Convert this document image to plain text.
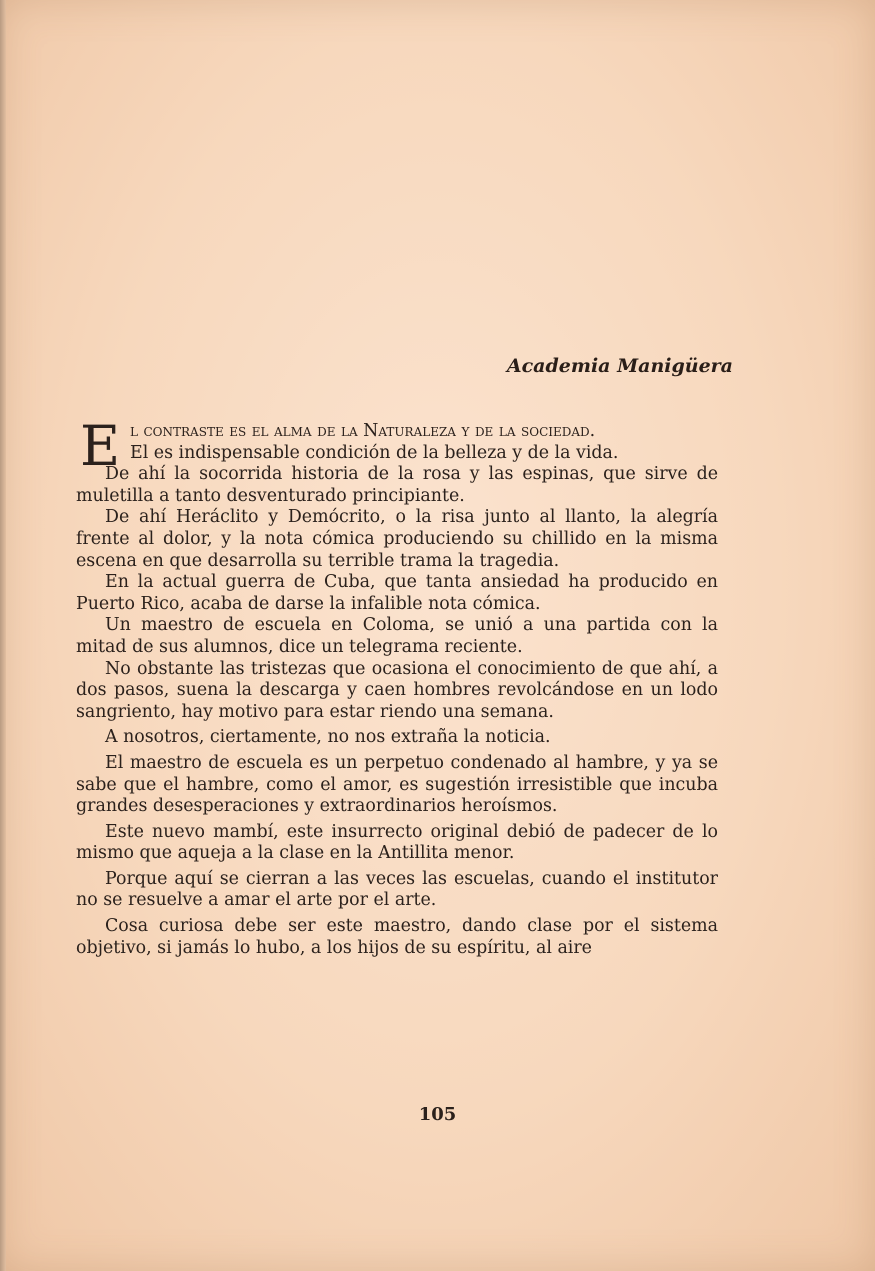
Academia Manigüera
E l contraste es el alma de la Naturaleza y de la sociedad.

El es indispensable condición de la belleza y de la vida.

De ahí la socorrida historia de la rosa y las espinas, que sirve de muletilla a tanto desventurado principiante.

De ahí Heráclito y Demócrito, o la risa junto al llanto, la alegría frente al dolor, y la nota cómica produciendo su chillido en la misma escena en que desarrolla su terrible trama la tragedia.

En la actual guerra de Cuba, que tanta ansiedad ha producido en Puerto Rico, acaba de darse la infalible nota cómica.

Un maestro de escuela en Coloma, se unió a una partida con la mitad de sus alumnos, dice un telegrama reciente.

No obstante las tristezas que ocasiona el conocimiento de que ahí, a dos pasos, suena la descarga y caen hombres revolcándose en un lodo sangriento, hay motivo para estar riendo una semana.

A nosotros, ciertamente, no nos extraña la noticia.

El maestro de escuela es un perpetuo condenado al hambre, y ya se sabe que el hambre, como el amor, es sugestión irresistible que incuba grandes desesperaciones y extraordinarios heroísmos.

Este nuevo mambí, este insurrecto original debió de padecer de lo mismo que aqueja a la clase en la Antillita menor.

Porque aquí se cierran a las veces las escuelas, cuando el institutor no se resuelve a amar el arte por el arte.

Cosa curiosa debe ser este maestro, dando clase por el sistema objetivo, si jamás lo hubo, a los hijos de su espíritu, al aire

105
